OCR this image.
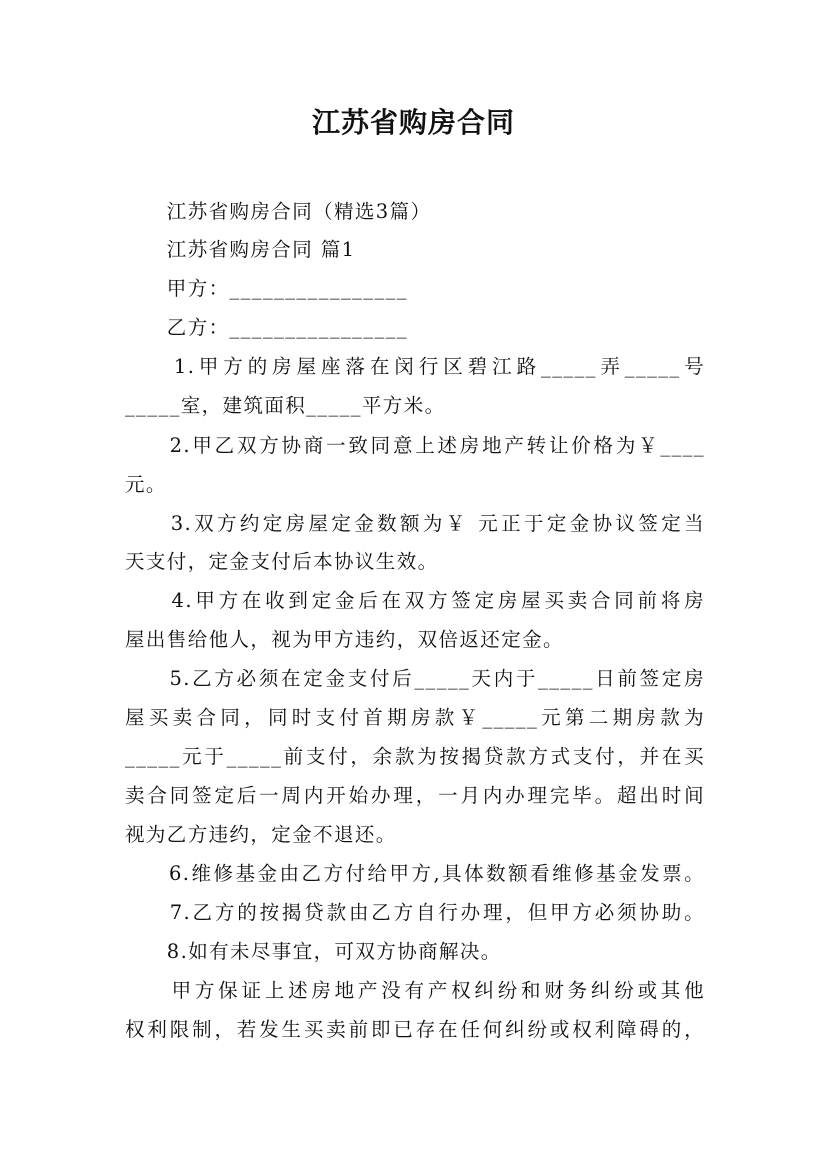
江苏省购房合同

　　江苏省购房合同（精选3篇）

　　江苏省购房合同 篇1

　　甲方：________________

　　乙方：________________

　　1.甲方的房屋座落在闵行区碧江路_____弄_____号

_____室，建筑面积_____平方米。

　　2.甲乙双方协商一致同意上述房地产转让价格为￥____

元。

　　3.双方约定房屋定金数额为￥ 元正于定金协议签定当

天支付，定金支付后本协议生效。

　　4.甲方在收到定金后在双方签定房屋买卖合同前将房

屋出售给他人，视为甲方违约，双倍返还定金。

　　5.乙方必须在定金支付后_____天内于_____日前签定房

屋买卖合同，同时支付首期房款￥_____元第二期房款为

_____元于_____前支付，余款为按揭贷款方式支付，并在买

卖合同签定后一周内开始办理，一月内办理完毕。超出时间

视为乙方违约，定金不退还。

　　6.维修基金由乙方付给甲方,具体数额看维修基金发票。

　　7.乙方的按揭贷款由乙方自行办理，但甲方必须协助。

　　8.如有未尽事宜，可双方协商解决。

　　甲方保证上述房地产没有产权纠纷和财务纠纷或其他

权利限制，若发生买卖前即已存在任何纠纷或权利障碍的，
